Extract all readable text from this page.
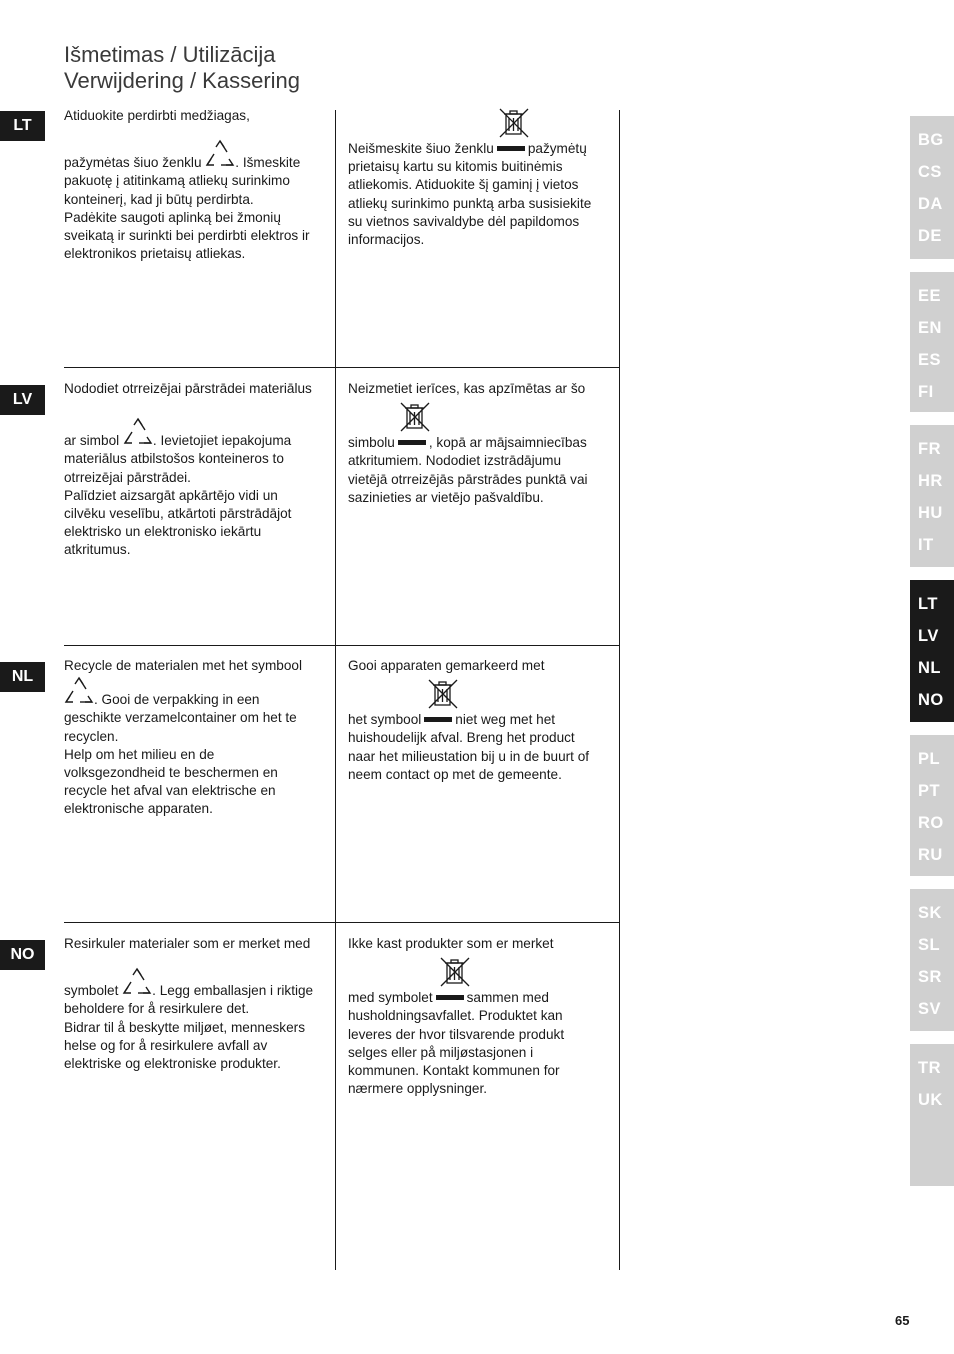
Išmetimas / Utilizācija
Verwijdering / Kassering
LT

Atiduokite perdirbti medžiagas,

pažymėtas šiuo ženklu . Išmeskite

pakuotę į atitinkamą atliekų surinkimo

konteinerį, kad ji būtų perdirbta.

Padėkite saugoti aplinką bei žmonių

sveikatą ir surinkti bei perdirbti elektros ir

elektronikos prietaisų atliekas.

Neišmeskite šiuo ženklu	pažymėtų

prietaisų kartu su kitomis buitinėmis

atliekomis. Atiduokite šį gaminį į vietos

atliekų surinkimo punktą arba susisiekite

su vietnos savivaldybe dėl papildomos

informacijos.

LV

Nododiet otrreizējai pārstrādei materiālus

ar simbol . Ievietojiet iepakojuma

materiālus atbilstošos konteineros to

otrreizējai pārstrādei.

Palīdziet aizsargāt apkārtējo vidi un

cilvēku veselību, atkārtoti pārstrādājot

elektrisko un elektronisko iekārtu

atkritumus.

Neizmetiet ierīces, kas apzīmētas ar šo

simbolu	, kopā ar mājsaimniecības

atkritumiem. Nododiet izstrādājumu

vietējā otrreizējās pārstrādes punktā vai

sazinieties ar vietējo pašvaldību.

NL

Recycle de materialen met het symbool

. Gooi de verpakking in een

geschikte verzamelcontainer om het te

recyclen.

Help om het milieu en de

volksgezondheid te beschermen en

recycle het afval van elektrische en

elektronische apparaten.

Gooi apparaten gemarkeerd met

het symbool	niet weg met het

huishoudelijk afval. Breng het product

naar het milieustation bij u in de buurt of

neem contact op met de gemeente.

NO

Resirkuler materialer som er merket med

symbolet . Legg emballasjen i riktige

beholdere for å resirkulere det.

Bidrar til å beskytte miljøet, menneskers

helse og for å resirkulere avfall av

elektriske og elektroniske produkter.

Ikke kast produkter som er merket

med symbolet	sammen med

husholdningsavfallet. Produktet kan

leveres der hvor tilsvarende produkt

selges eller på miljøstasjonen i

kommunen. Kontakt kommunen for

nærmere opplysninger.

BG
CS
DA
DE
EE
EN
ES
FI
FR
HR
HU
IT
LT
LV
NL
NO
PL
PT
RO
RU
SK
SL
SR
SV
TR
UK
65
